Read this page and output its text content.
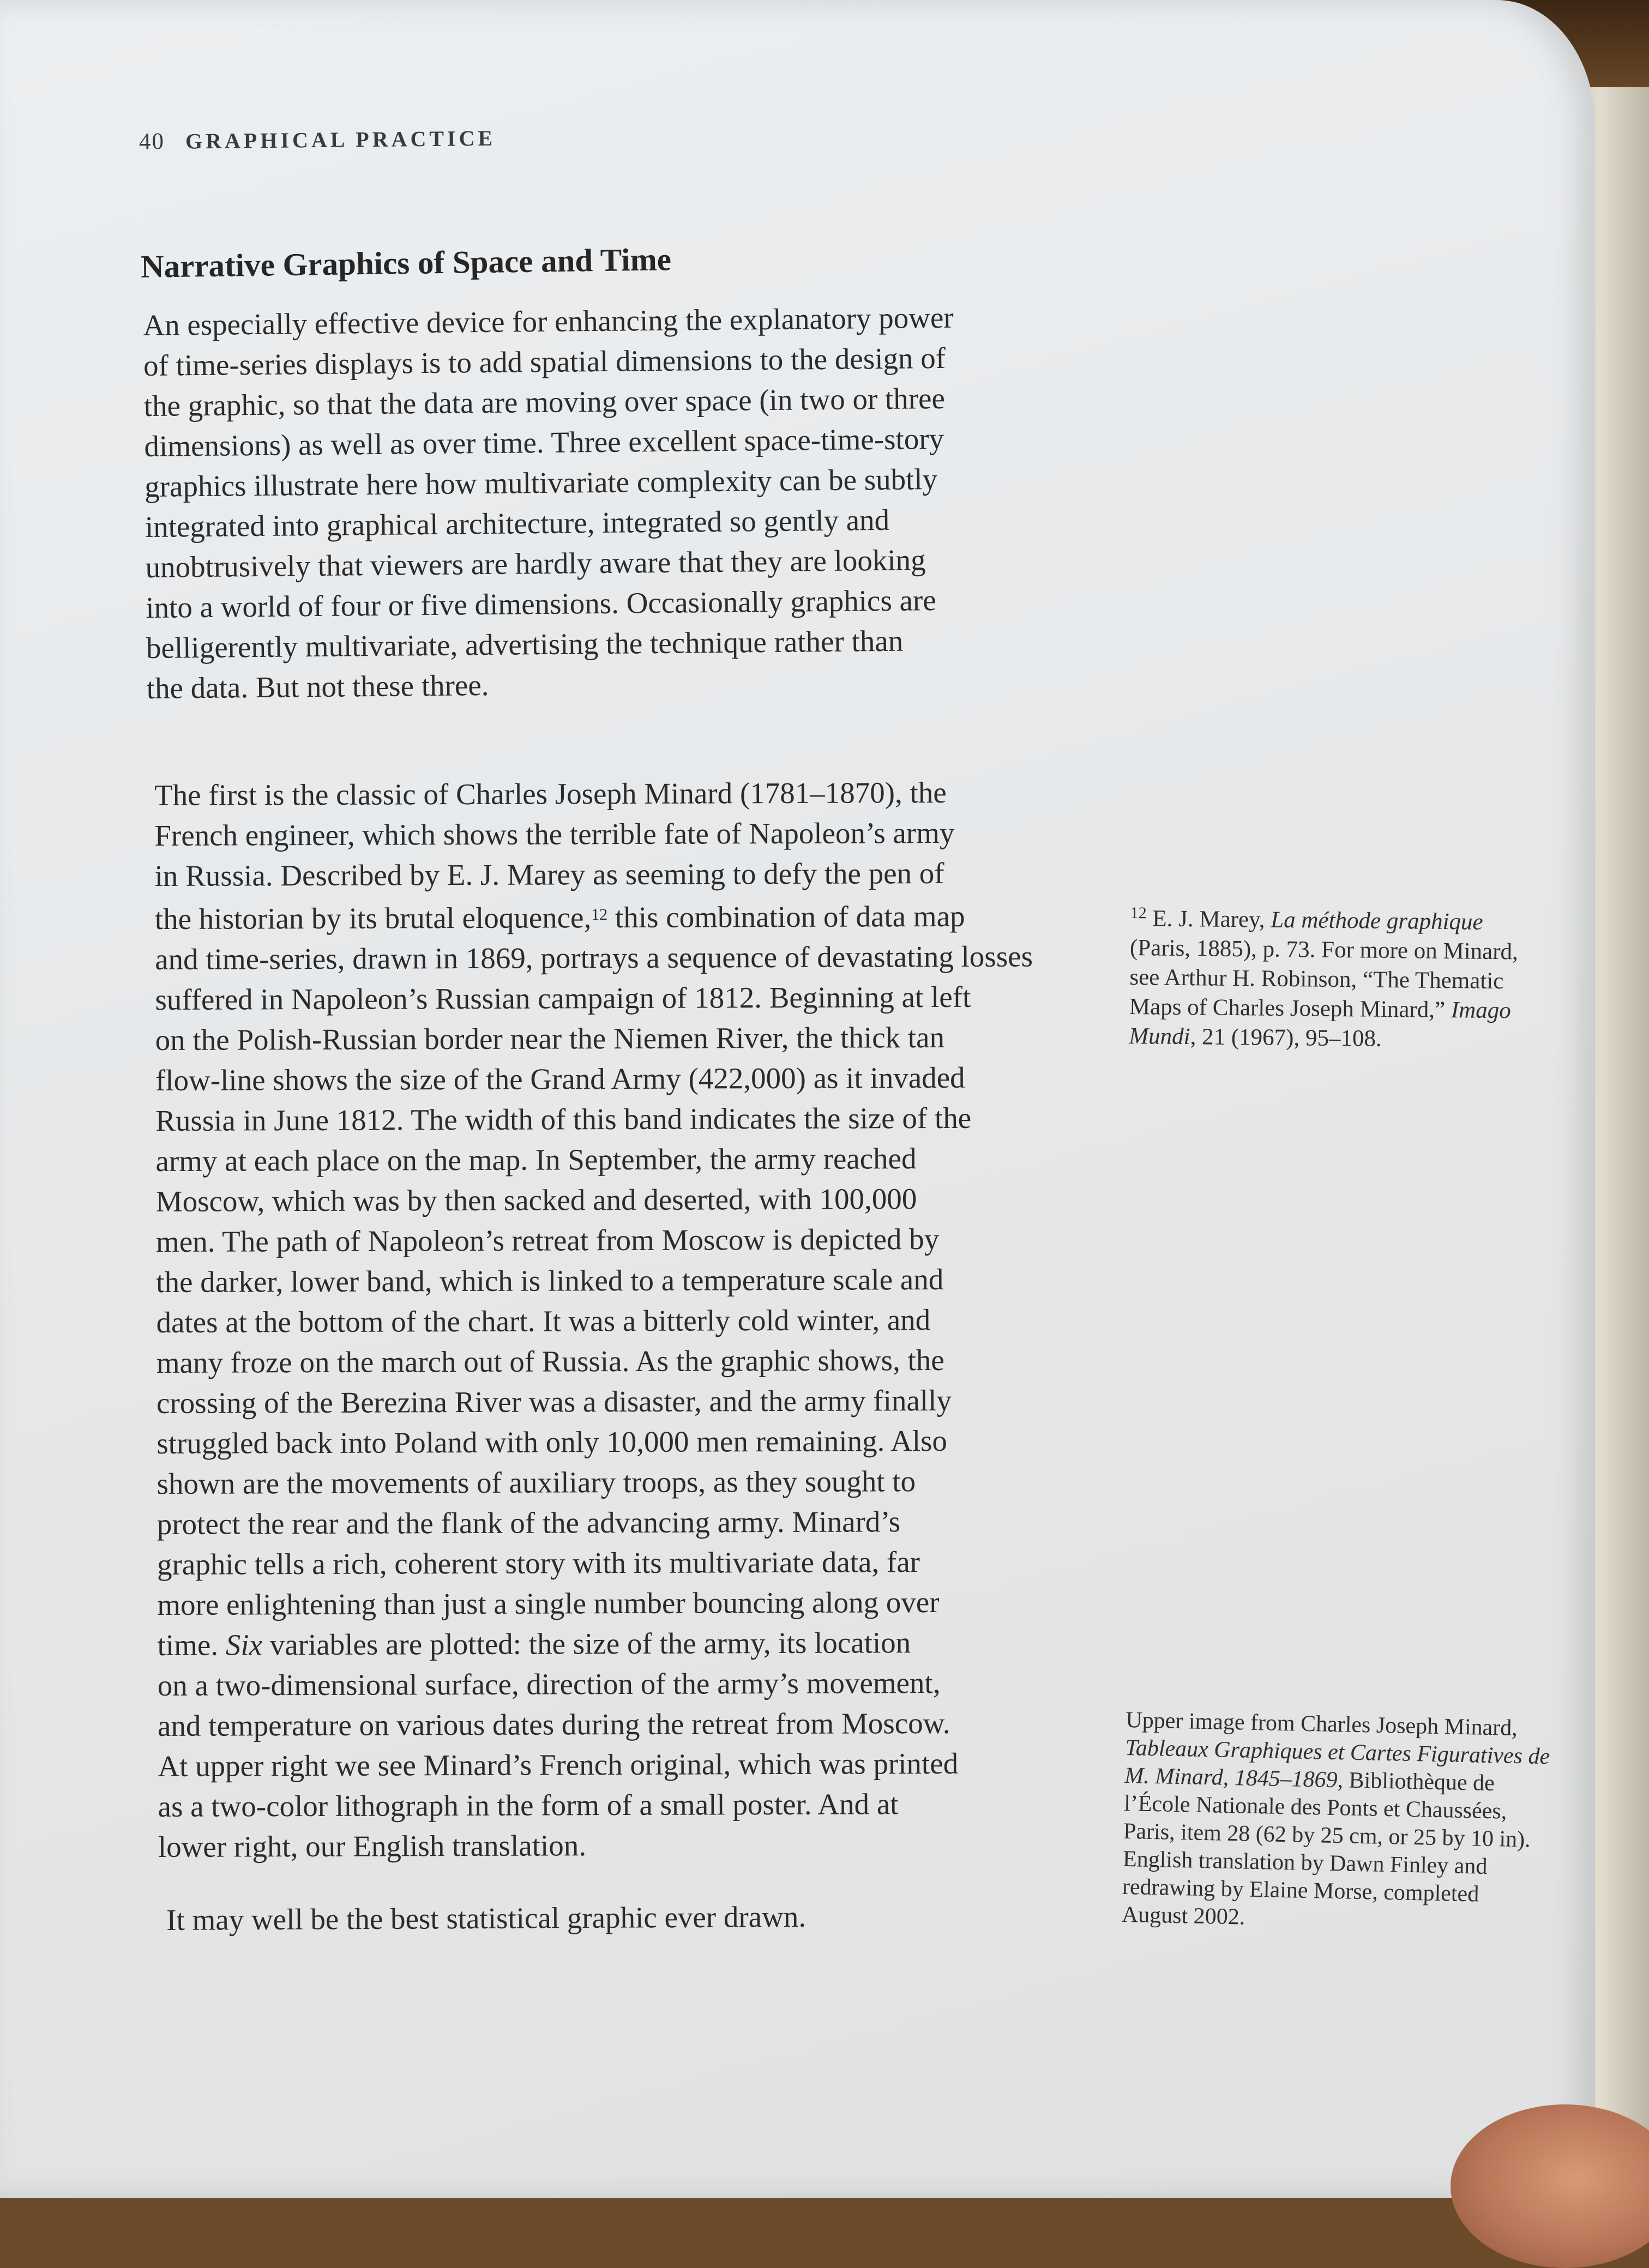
40 GRAPHICAL PRACTICE
Narrative Graphics of Space and Time

An especially effective device for enhancing the explanatory power
of time-series displays is to add spatial dimensions to the design of
the graphic, so that the data are moving over space (in two or three
dimensions) as well as over time. Three excellent space-time-story
graphics illustrate here how multivariate complexity can be subtly
integrated into graphical architecture, integrated so gently and
unobtrusively that viewers are hardly aware that they are looking
into a world of four or five dimensions. Occasionally graphics are
belligerently multivariate, advertising the technique rather than
the data. But not these three.

The first is the classic of Charles Joseph Minard (1781–1870), the
French engineer, which shows the terrible fate of Napoleon’s army
in Russia. Described by E. J. Marey as seeming to defy the pen of
the historian by its brutal eloquence,$^{12}$ this combination of data map
and time-series, drawn in 1869, portrays a sequence of devastating losses
suffered in Napoleon’s Russian campaign of 1812. Beginning at left
on the Polish-Russian border near the Niemen River, the thick tan
flow-line shows the size of the Grand Army (422,000) as it invaded
Russia in June 1812. The width of this band indicates the size of the
army at each place on the map. In September, the army reached
Moscow, which was by then sacked and deserted, with 100,000
men. The path of Napoleon’s retreat from Moscow is depicted by
the darker, lower band, which is linked to a temperature scale and
dates at the bottom of the chart. It was a bitterly cold winter, and
many froze on the march out of Russia. As the graphic shows, the
crossing of the Berezina River was a disaster, and the army finally
struggled back into Poland with only 10,000 men remaining. Also
shown are the movements of auxiliary troops, as they sought to
protect the rear and the flank of the advancing army. Minard’s
graphic tells a rich, coherent story with its multivariate data, far
more enlightening than just a single number bouncing along over
time. Six variables are plotted: the size of the army, its location
on a two-dimensional surface, direction of the army’s movement,
and temperature on various dates during the retreat from Moscow.
At upper right we see Minard’s French original, which was printed
as a two-color lithograph in the form of a small poster. And at
lower right, our English translation.

It may well be the best statistical graphic ever drawn.

$^{12}$ E. J. Marey, La méthode graphique
(Paris, 1885), p. 73. For more on Minard,
see Arthur H. Robinson, “The Thematic
Maps of Charles Joseph Minard,” Imago
Mundi, 21 (1967), 95–108.
Upper image from Charles Joseph Minard,
Tableaux Graphiques et Cartes Figuratives de
M. Minard, 1845–1869, Bibliothèque de
l’École Nationale des Ponts et Chaussées,
Paris, item 28 (62 by 25 cm, or 25 by 10 in).
English translation by Dawn Finley and
redrawing by Elaine Morse, completed
August 2002.
